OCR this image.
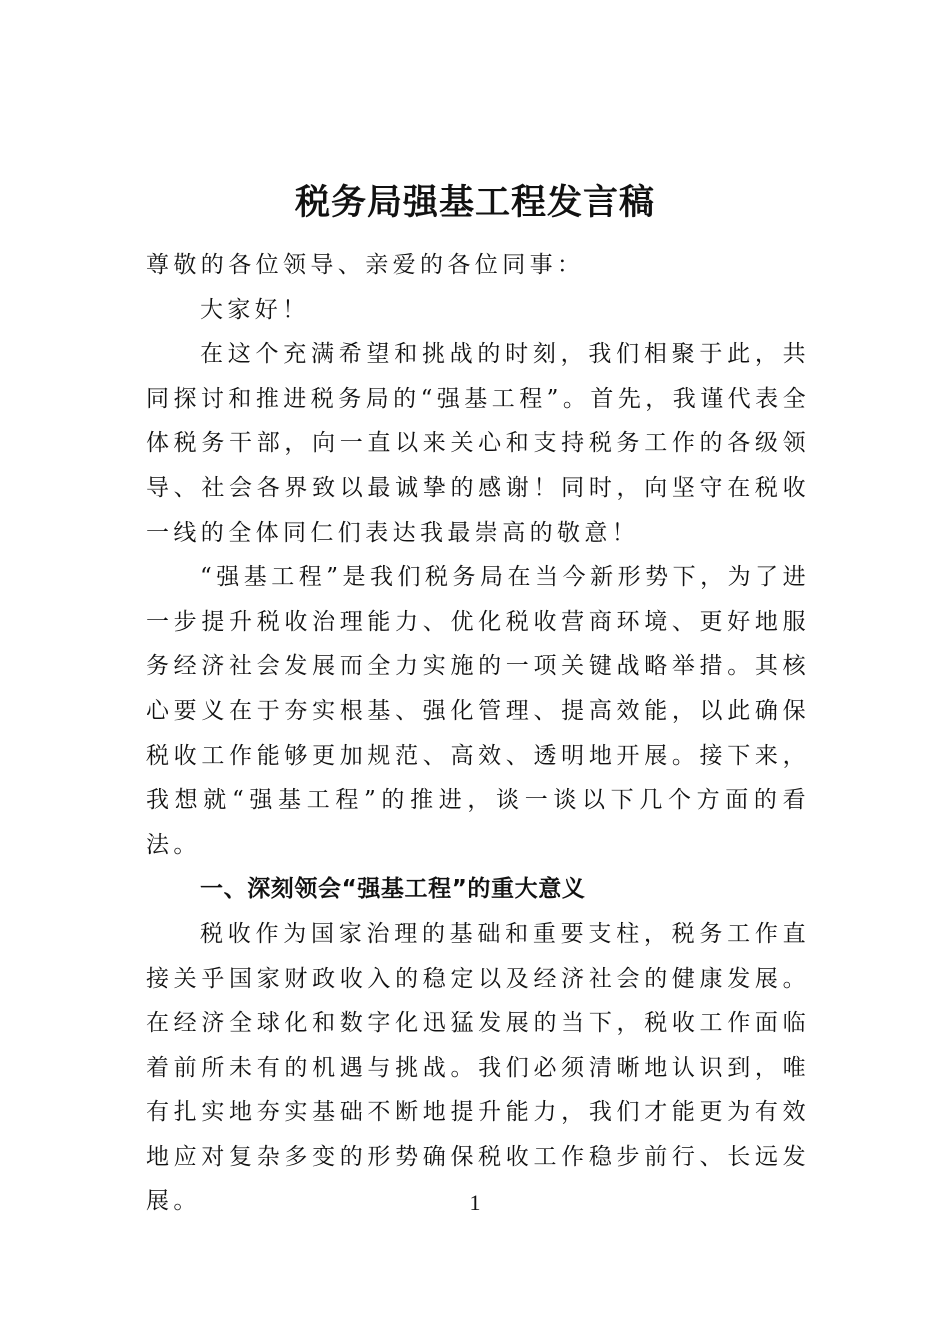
税务局强基工程发言稿

尊敬的各位领导、亲爱的各位同事：

大家好！

在这个充满希望和挑战的时刻，我们相聚于此，共同探讨和推进税务局的“强基工程”。首先，我谨代表全体税务干部，向一直以来关心和支持税务工作的各级领导、社会各界致以最诚挚的感谢！同时，向坚守在税收一线的全体同仁们表达我最崇高的敬意！

“强基工程”是我们税务局在当今新形势下，为了进一步提升税收治理能力、优化税收营商环境、更好地服务经济社会发展而全力实施的一项关键战略举措。其核心要义在于夯实根基、强化管理、提高效能，以此确保税收工作能够更加规范、高效、透明地开展。接下来，我想就“强基工程”的推进，谈一谈以下几个方面的看法。

一、深刻领会“强基工程”的重大意义

税收作为国家治理的基础和重要支柱，税务工作直接关乎国家财政收入的稳定以及经济社会的健康发展。在经济全球化和数字化迅猛发展的当下，税收工作面临着前所未有的机遇与挑战。我们必须清晰地认识到，唯有扎实地夯实基础不断地提升能力，我们才能更为有效地应对复杂多变的形势确保税收工作稳步前行、长远发展。	1
